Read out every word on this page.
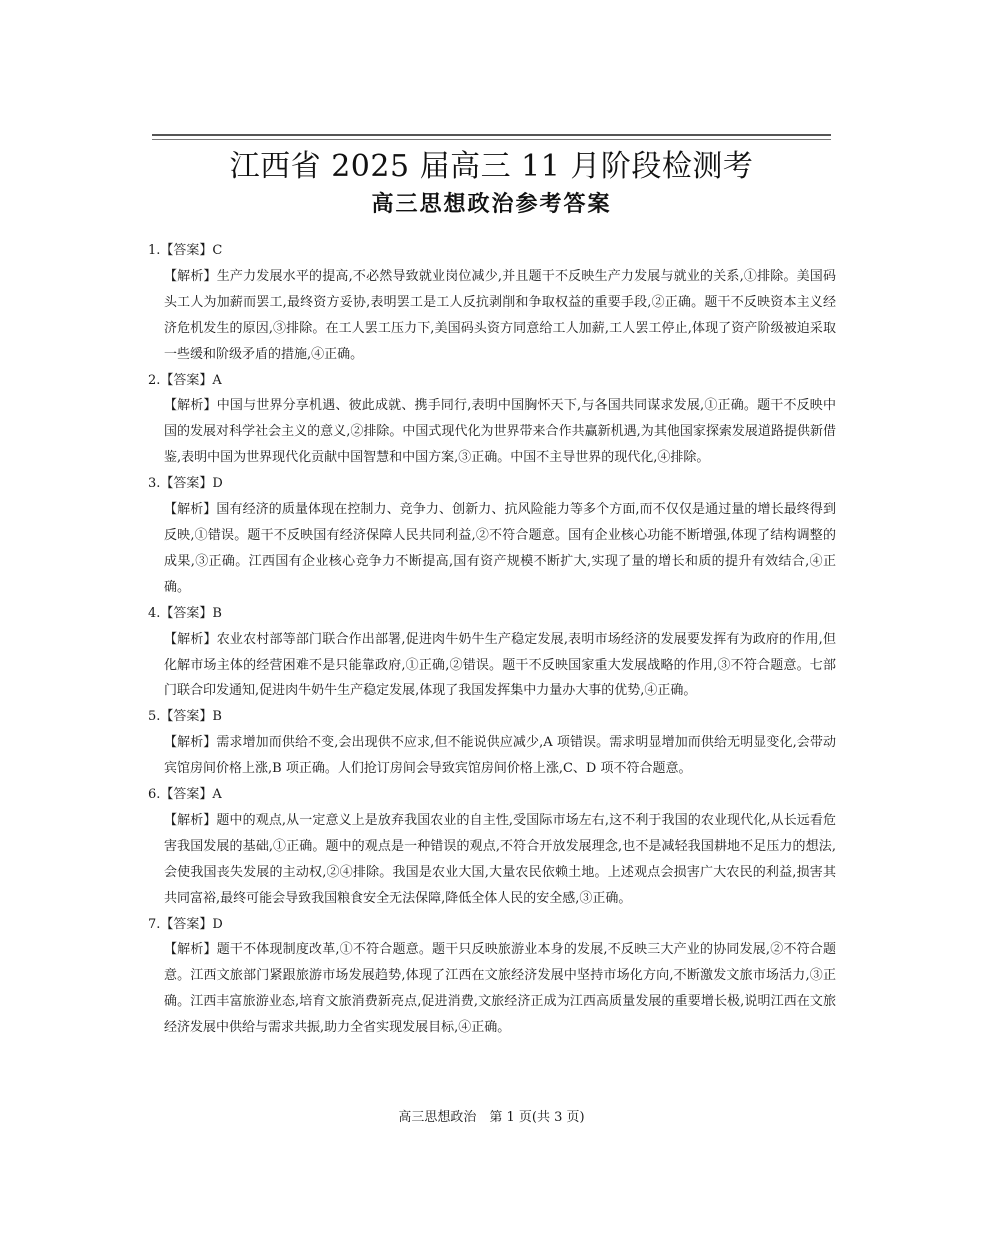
江西省 2025 届高三 11 月阶段检测考
高三思想政治参考答案

1.【答案】C

【解析】生产力发展水平的提高,不必然导致就业岗位减少,并且题干不反映生产力发展与就业的关系,①排除。美国码头工人为加薪而罢工,最终资方妥协,表明罢工是工人反抗剥削和争取权益的重要手段,②正确。题干不反映资本主义经济危机发生的原因,③排除。在工人罢工压力下,美国码头资方同意给工人加薪,工人罢工停止,体现了资产阶级被迫采取一些缓和阶级矛盾的措施,④正确。

2.【答案】A

【解析】中国与世界分享机遇、彼此成就、携手同行,表明中国胸怀天下,与各国共同谋求发展,①正确。题干不反映中国的发展对科学社会主义的意义,②排除。中国式现代化为世界带来合作共赢新机遇,为其他国家探索发展道路提供新借鉴,表明中国为世界现代化贡献中国智慧和中国方案,③正确。中国不主导世界的现代化,④排除。

3.【答案】D

【解析】国有经济的质量体现在控制力、竞争力、创新力、抗风险能力等多个方面,而不仅仅是通过量的增长最终得到反映,①错误。题干不反映国有经济保障人民共同利益,②不符合题意。国有企业核心功能不断增强,体现了结构调整的成果,③正确。江西国有企业核心竞争力不断提高,国有资产规模不断扩大,实现了量的增长和质的提升有效结合,④正确。

4.【答案】B

【解析】农业农村部等部门联合作出部署,促进肉牛奶牛生产稳定发展,表明市场经济的发展要发挥有为政府的作用,但化解市场主体的经营困难不是只能靠政府,①正确,②错误。题干不反映国家重大发展战略的作用,③不符合题意。七部门联合印发通知,促进肉牛奶牛生产稳定发展,体现了我国发挥集中力量办大事的优势,④正确。

5.【答案】B

【解析】需求增加而供给不变,会出现供不应求,但不能说供应减少,A 项错误。需求明显增加而供给无明显变化,会带动宾馆房间价格上涨,B 项正确。人们抢订房间会导致宾馆房间价格上涨,C、D 项不符合题意。

6.【答案】A

【解析】题中的观点,从一定意义上是放弃我国农业的自主性,受国际市场左右,这不利于我国的农业现代化,从长远看危害我国发展的基础,①正确。题中的观点是一种错误的观点,不符合开放发展理念,也不是减轻我国耕地不足压力的想法,会使我国丧失发展的主动权,②④排除。我国是农业大国,大量农民依赖土地。上述观点会损害广大农民的利益,损害其共同富裕,最终可能会导致我国粮食安全无法保障,降低全体人民的安全感,③正确。

7.【答案】D

【解析】题干不体现制度改革,①不符合题意。题干只反映旅游业本身的发展,不反映三大产业的协同发展,②不符合题意。江西文旅部门紧跟旅游市场发展趋势,体现了江西在文旅经济发展中坚持市场化方向,不断激发文旅市场活力,③正确。江西丰富旅游业态,培育文旅消费新亮点,促进消费,文旅经济正成为江西高质量发展的重要增长极,说明江西在文旅经济发展中供给与需求共振,助力全省实现发展目标,④正确。

高三思想政治　第 1 页(共 3 页)
